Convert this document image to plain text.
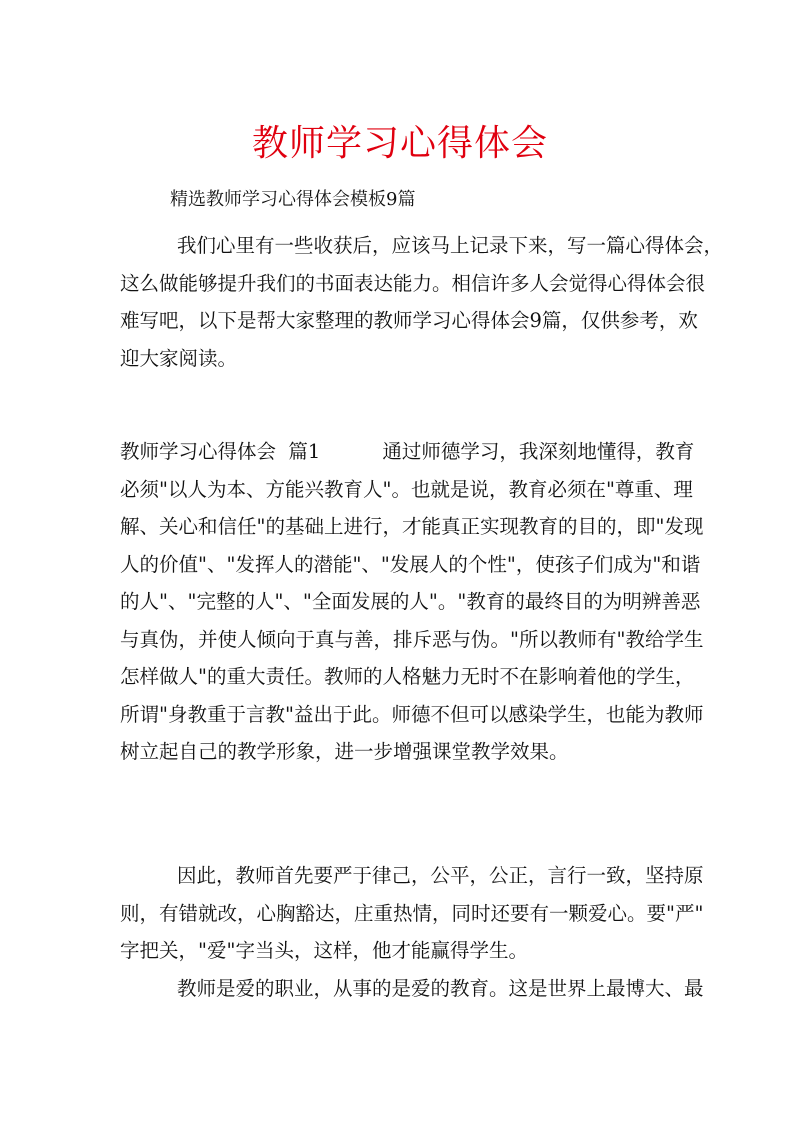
教师学习心得体会
精选教师学习心得体会模板9篇
我们心里有一些收获后，应该马上记录下来，写一篇心得体会，
这么做能够提升我们的书面表达能力。相信许多人会觉得心得体会很
难写吧，以下是帮大家整理的教师学习心得体会9篇，仅供参考，欢
迎大家阅读。
教师学习心得体会  篇1	通过师德学习，我深刻地懂得，教育
必须"以人为本、方能兴教育人"。也就是说，教育必须在"尊重、理
解、关心和信任"的基础上进行，才能真正实现教育的目的，即"发现
人的价值"、"发挥人的潜能"、"发展人的个性"，使孩子们成为"和谐
的人"、"完整的人"、"全面发展的人"。"教育的最终目的为明辨善恶
与真伪，并使人倾向于真与善，排斥恶与伪。"所以教师有"教给学生
怎样做人"的重大责任。教师的人格魅力无时不在影响着他的学生，
所谓"身教重于言教"益出于此。师德不但可以感染学生，也能为教师
树立起自己的教学形象，进一步增强课堂教学效果。
因此，教师首先要严于律己，公平，公正，言行一致，坚持原
则，有错就改，心胸豁达，庄重热情，同时还要有一颗爱心。要"严"
字把关，"爱"字当头，这样，他才能赢得学生。
教师是爱的职业，从事的是爱的教育。这是世界上最博大、最
